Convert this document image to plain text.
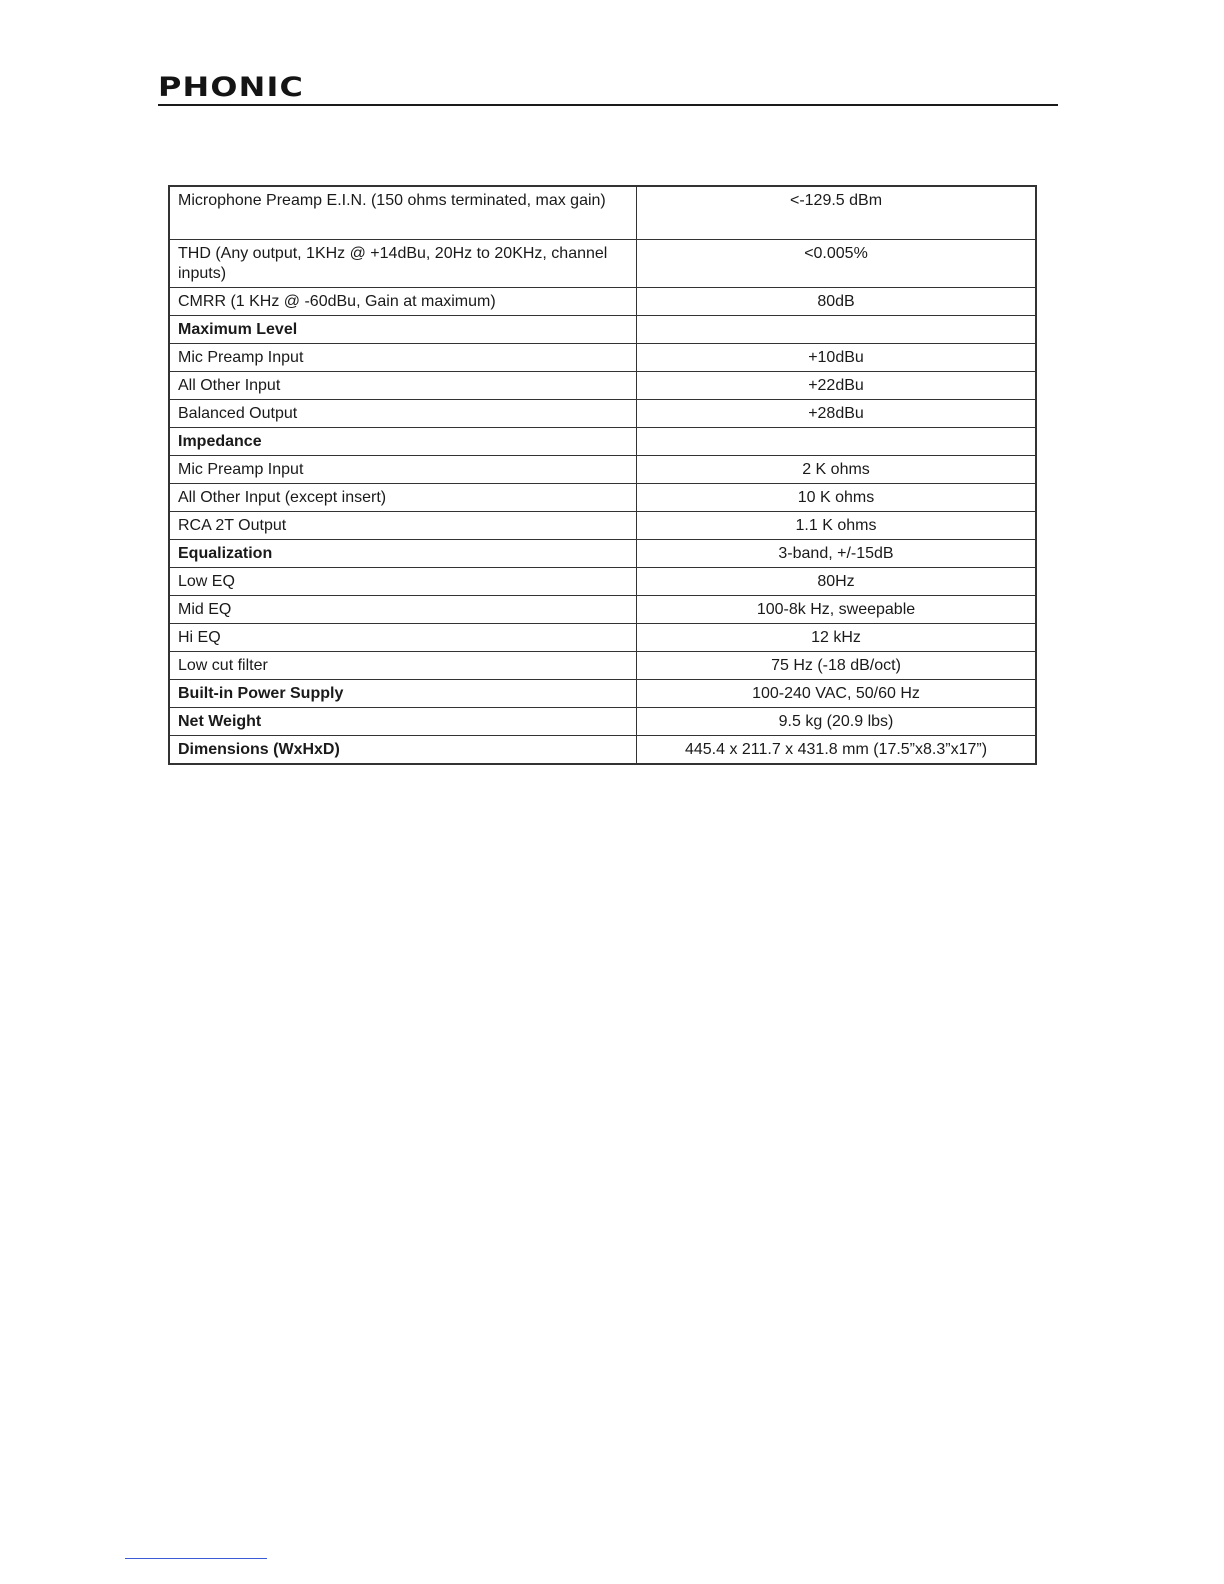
PHONIC
Microphone Preamp E.I.N. (150 ohms terminated, max gain)	<-129.5 dBm
THD (Any output, 1KHz @ +14dBu, 20Hz to 20KHz, channel inputs)	<0.005%
CMRR (1 KHz @ -60dBu, Gain at maximum)	80dB
Maximum Level	
Mic Preamp Input	+10dBu
All Other Input	+22dBu
Balanced Output	+28dBu
Impedance	
Mic Preamp Input	2 K ohms
All Other Input (except insert)	10 K ohms
RCA 2T Output	1.1 K ohms
Equalization	3-band, +/-15dB
Low EQ	80Hz
Mid EQ	100-8k Hz, sweepable
Hi EQ	12 kHz
Low cut filter	75 Hz (-18 dB/oct)
Built-in Power Supply	100-240 VAC, 50/60 Hz
Net Weight	9.5 kg (20.9 lbs)
Dimensions (WxHxD)	445.4 x 211.7 x 431.8 mm (17.5”x8.3”x17”)
